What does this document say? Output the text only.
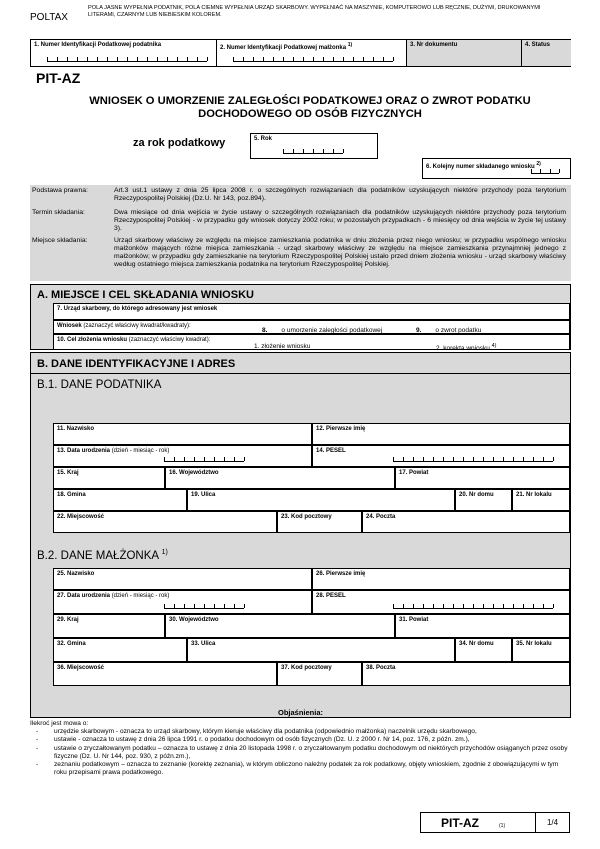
POLTAX
POLA JASNE WYPEŁNIA PODATNIK, POLA CIEMNE WYPEŁNIA URZĄD SKARBOWY. WYPEŁNIAĆ NA MASZYNIE, KOMPUTEROWO LUB RĘCZNIE, DUŻYMI, DRUKOWANYMI LITERAMI, CZARNYM LUB NIEBIESKIM KOLOREM.
1. Numer Identyfikacji Podatkowej podatnika	2. Numer Identyfikacji Podatkowej małżonka $^{1)}$	3. Nr dokumentu	4. Status
PIT-AZ
WNIOSEK O UMORZENIE ZALEGŁOŚCI PODATKOWEJ ORAZ O ZWROT PODATKU DOCHODOWEGO OD OSÓB FIZYCZNYCH
za rok podatkowy	5. Rok
6. Kolejny numer składanego wniosku $^{2)}$
Podstawa prawna:	Art.3 ust.1 ustawy z dnia 25 lipca 2008 r. o szczególnych rozwiązaniach dla podatników uzyskujących niektóre przychody poza terytorium Rzeczypospolitej Polskiej (Dz.U. Nr 143, poz.894).
Termin składania:	Dwa miesiące od dnia wejścia w życie ustawy o szczególnych rozwiązaniach dla podatników uzyskujących niektóre przychody poza terytorium Rzeczypospolitej Polskiej - w przypadku gdy wniosek dotyczy 2002 roku; w pozostałych przypadkach - 6 miesięcy od dnia wejścia w życie tej ustawy 3).
Miejsce składania:	Urząd skarbowy właściwy ze względu na miejsce zamieszkania podatnika w dniu złożenia przez niego wniosku; w przypadku wspólnego wniosku małżonków mających różne miejsca zamieszkania - urząd skarbowy właściwy ze względu na miejsce zamieszkania przynajmniej jednego z małżonków; w przypadku gdy zamieszkanie na terytorium Rzeczypospolitej Polskiej ustało przed dniem złożenia wniosku - urząd skarbowy właściwy według ostatniego miejsca zamieszkania podatnika na terytorium Rzeczypospolitej Polskiej.
A. MIEJSCE I CEL SKŁADANIA WNIOSKU
7. Urząd skarbowy, do którego adresowany jest wniosek
Wniosek (zaznaczyć właściwy kwadrat/kwadraty):
8. o umorzenie zaległości podatkowej	9. o zwrot podatku
10. Cel złożenia wniosku (zaznaczyć właściwy kwadrat):
1. złożenie wniosku	2. korekta wniosku $^{4)}$
B. DANE IDENTYFIKACYJNE I ADRES
B.1. DANE PODATNIKA
11. Nazwisko	12. Pierwsze imię
13. Data urodzenia (dzień - miesiąc - rok)	14. PESEL
15. Kraj	16. Województwo	17. Powiat
18. Gmina	19. Ulica	20. Nr domu	21. Nr lokalu
22. Miejscowość	23. Kod pocztowy	24. Poczta
B.2. DANE MAŁŻONKA $^{1)}$
25. Nazwisko	26. Pierwsze imię
27. Data urodzenia (dzień - miesiąc - rok)	28. PESEL
29. Kraj	30. Województwo	31. Powiat
32. Gmina	33. Ulica	34. Nr domu	35. Nr lokalu
36. Miejscowość	37. Kod pocztowy	38. Poczta
Objaśnienia:
Ilekroć jest mowa o:
- urzędzie skarbowym - oznacza to urząd skarbowy, którym kieruje właściwy dla podatnika (odpowiednio małżonka) naczelnik urzędu skarbowego,
- ustawie - oznacza to ustawę z dnia 26 lipca 1991 r. o podatku dochodowym od osób fizycznych (Dz. U. z 2000 r. Nr 14, poz. 176, z późn. zm.),
- ustawie o zryczałtowanym podatku – oznacza to ustawę z dnia 20 listopada 1998 r. o zryczałtowanym podatku dochodowym od niektórych przychodów osiąganych przez osoby fizyczne (Dz. U. Nr 144, poz. 930, z późn.zm.),
- zeznaniu podatkowym – oznacza to zeznanie (korektę zeznania), w którym obliczono należny podatek za rok podatkowy, objęty wnioskiem, zgodnie z obowiązującymi w tym roku przepisami prawa podatkowego.
PIT-AZ	(1)	1/4
